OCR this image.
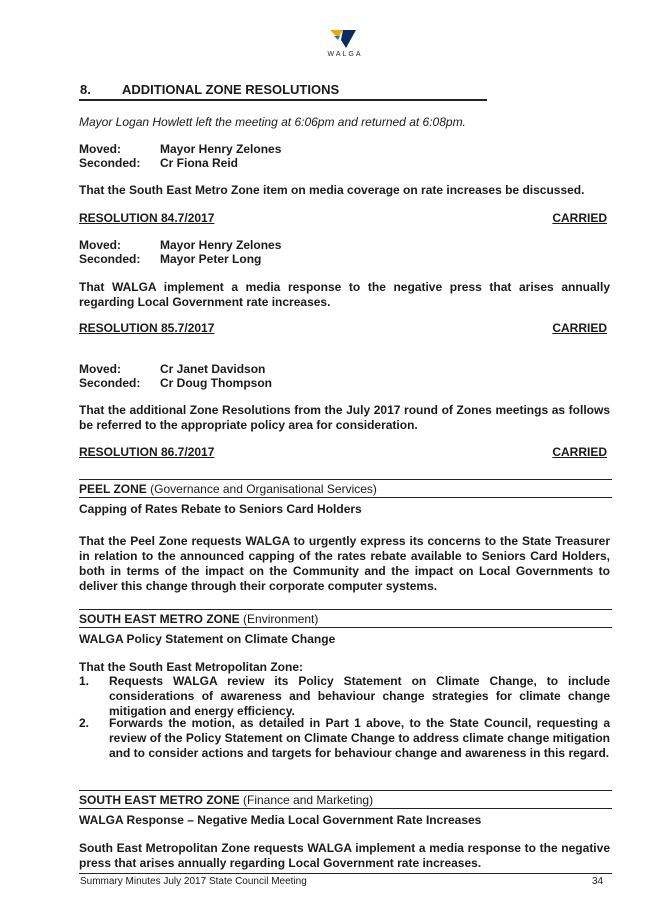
WALGA
8. ADDITIONAL ZONE RESOLUTIONS
Mayor Logan Howlett left the meeting at 6:06pm and returned at 6:08pm.
Moved:	Mayor Henry Zelones
Seconded: Cr Fiona Reid
That the South East Metro Zone item on media coverage on rate increases be discussed.
RESOLUTION 84.7/2017	CARRIED
Moved:	Mayor Henry Zelones
Seconded: Mayor Peter Long
That WALGA implement a media response to the negative press that arises annually regarding Local Government rate increases.
RESOLUTION 85.7/2017	CARRIED
Moved:	Cr Janet Davidson
Seconded: Cr Doug Thompson
That the additional Zone Resolutions from the July 2017 round of Zones meetings as follows be referred to the appropriate policy area for consideration.
RESOLUTION 86.7/2017	CARRIED
PEEL ZONE (Governance and Organisational Services)
Capping of Rates Rebate to Seniors Card Holders
That the Peel Zone requests WALGA to urgently express its concerns to the State Treasurer in relation to the announced capping of the rates rebate available to Seniors Card Holders, both in terms of the impact on the Community and the impact on Local Governments to deliver this change through their corporate computer systems.
SOUTH EAST METRO ZONE (Environment)
WALGA Policy Statement on Climate Change
That the South East Metropolitan Zone:
1.	Requests WALGA review its Policy Statement on Climate Change, to include considerations of awareness and behaviour change strategies for climate change mitigation and energy efficiency.
2.	Forwards the motion, as detailed in Part 1 above, to the State Council, requesting a review of the Policy Statement on Climate Change to address climate change mitigation and to consider actions and targets for behaviour change and awareness in this regard.
SOUTH EAST METRO ZONE (Finance and Marketing)
WALGA Response – Negative Media Local Government Rate Increases
South East Metropolitan Zone requests WALGA implement a media response to the negative press that arises annually regarding Local Government rate increases.
Summary Minutes July 2017 State Council Meeting	34
